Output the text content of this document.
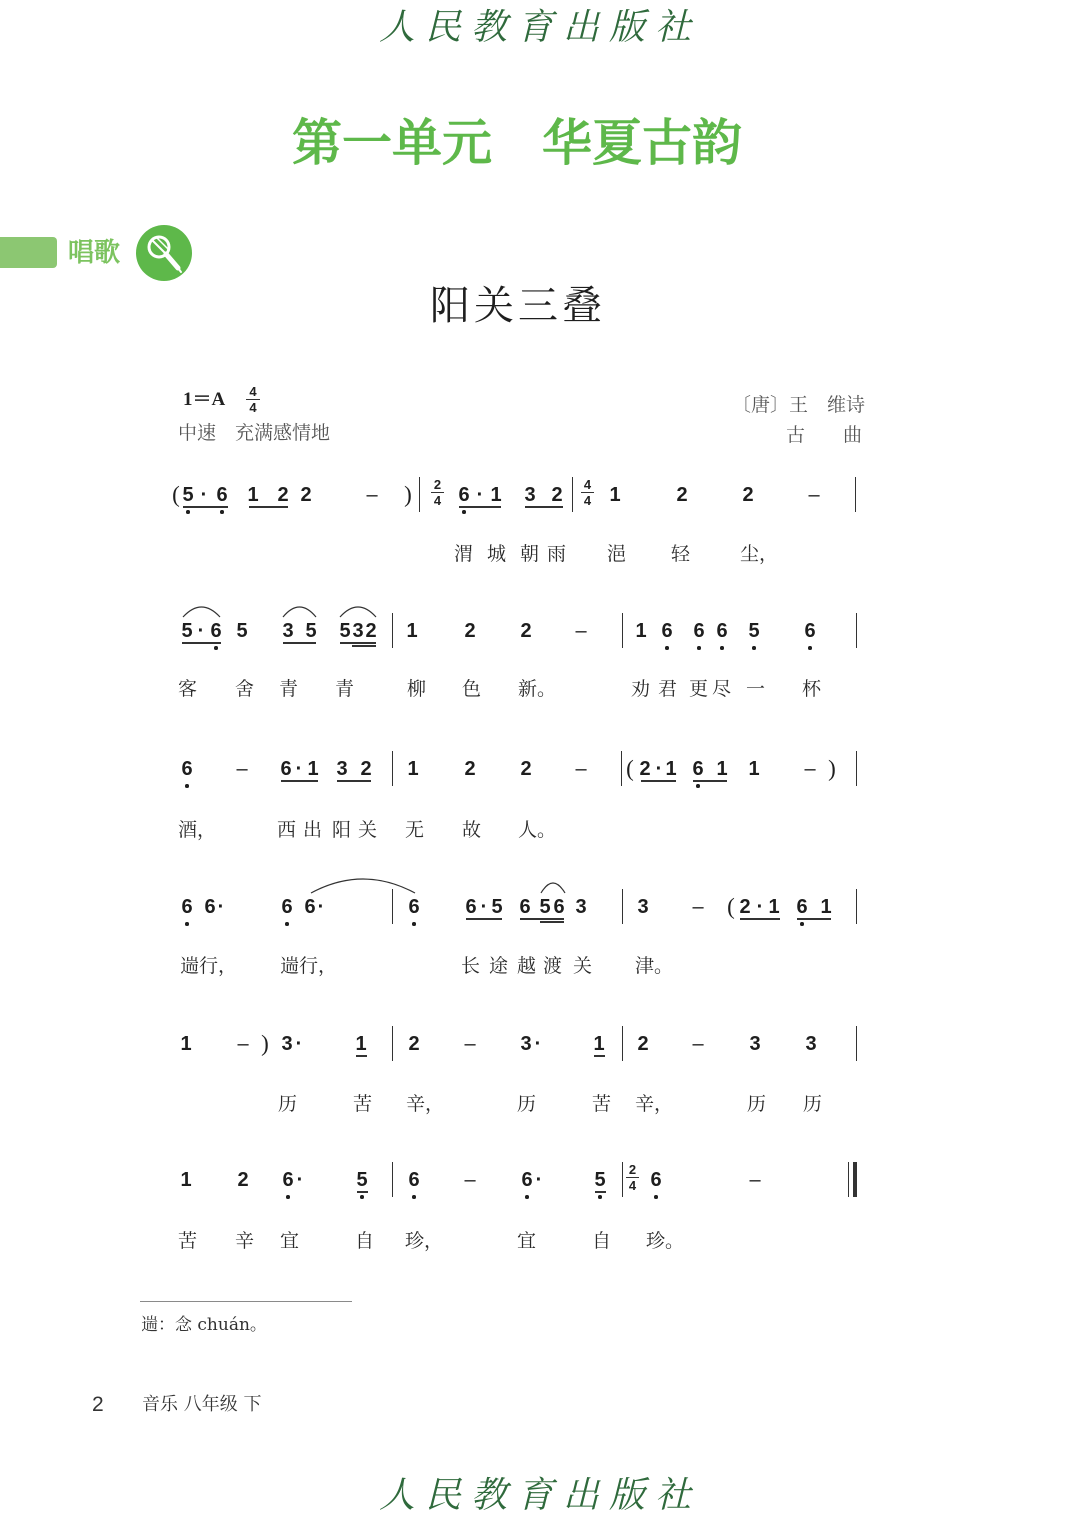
人民教育出版社
第一单元　华夏古韵
唱歌
阳关三叠
1＝A 4
4
中速　充满感情地
〔唐〕王　维诗
古　　曲
( 5 · 6 1 2 2	– )	2
4 6 · 1 3 2	4
4 1	2	2	–
渭 城 朝 雨 浥 轻	尘，
5 · 6 5 3 5 5 3 2 1 2 2 – 1 6 6 6 5 6
客 舍 青 青	柳 色 新。	劝 君 更 尽 一 杯
6 – 6 · 1 3 2 1 2 2 – ( 2 · 1 6 1 1 – )
酒，	西 出 阳 关 无 故 人。
6 6 ·	6 6 ·	6 6 · 5 6 5 6 3	3 – ( 2 · 1 6 1
遄行， 遄行，	长 途 越 渡 关 津。
1 – ) 3 ·	1 2 – 3 ·	1 2 – 3 3
历	苦 辛，	历	苦 辛，	历 历
1 2 6 ·	5 6 – 6 ·	5	2
4 6	–
苦 辛 宜	自 珍，	宜	自 珍。
遄：念 chuán。
2 音乐 八年级 下
人民教育出版社
